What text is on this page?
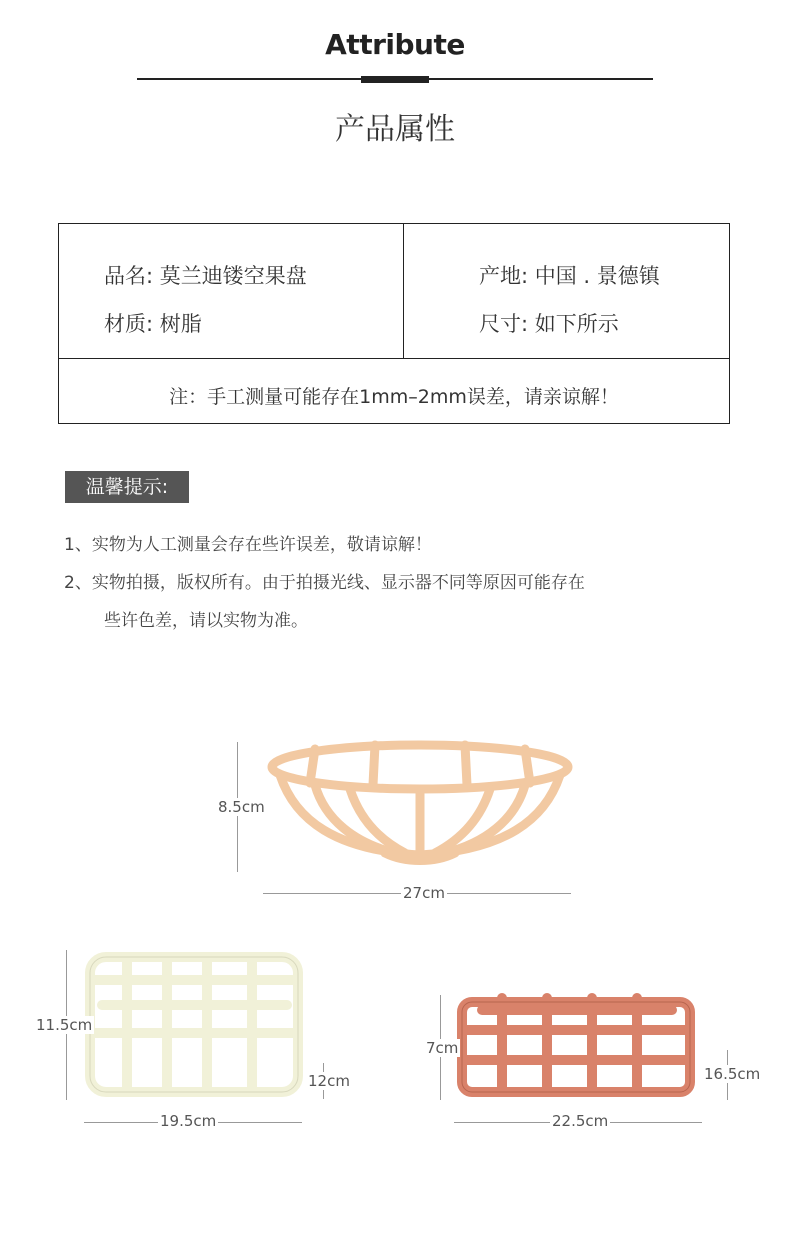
Attribute
产品属性
品名: 莫兰迪镂空果盘
材质: 树脂
产地: 中国 . 景德镇
尺寸: 如下所示
注：手工测量可能存在1mm–2mm误差，请亲谅解！
温馨提示:
1、实物为人工测量会存在些许误差，敬请谅解！
2、实物拍摄，版权所有。由于拍摄光线、显示器不同等原因可能存在
些许色差，请以实物为准。
8.5cm
27cm
11.5cm
19.5cm
12cm
7cm
22.5cm
16.5cm
